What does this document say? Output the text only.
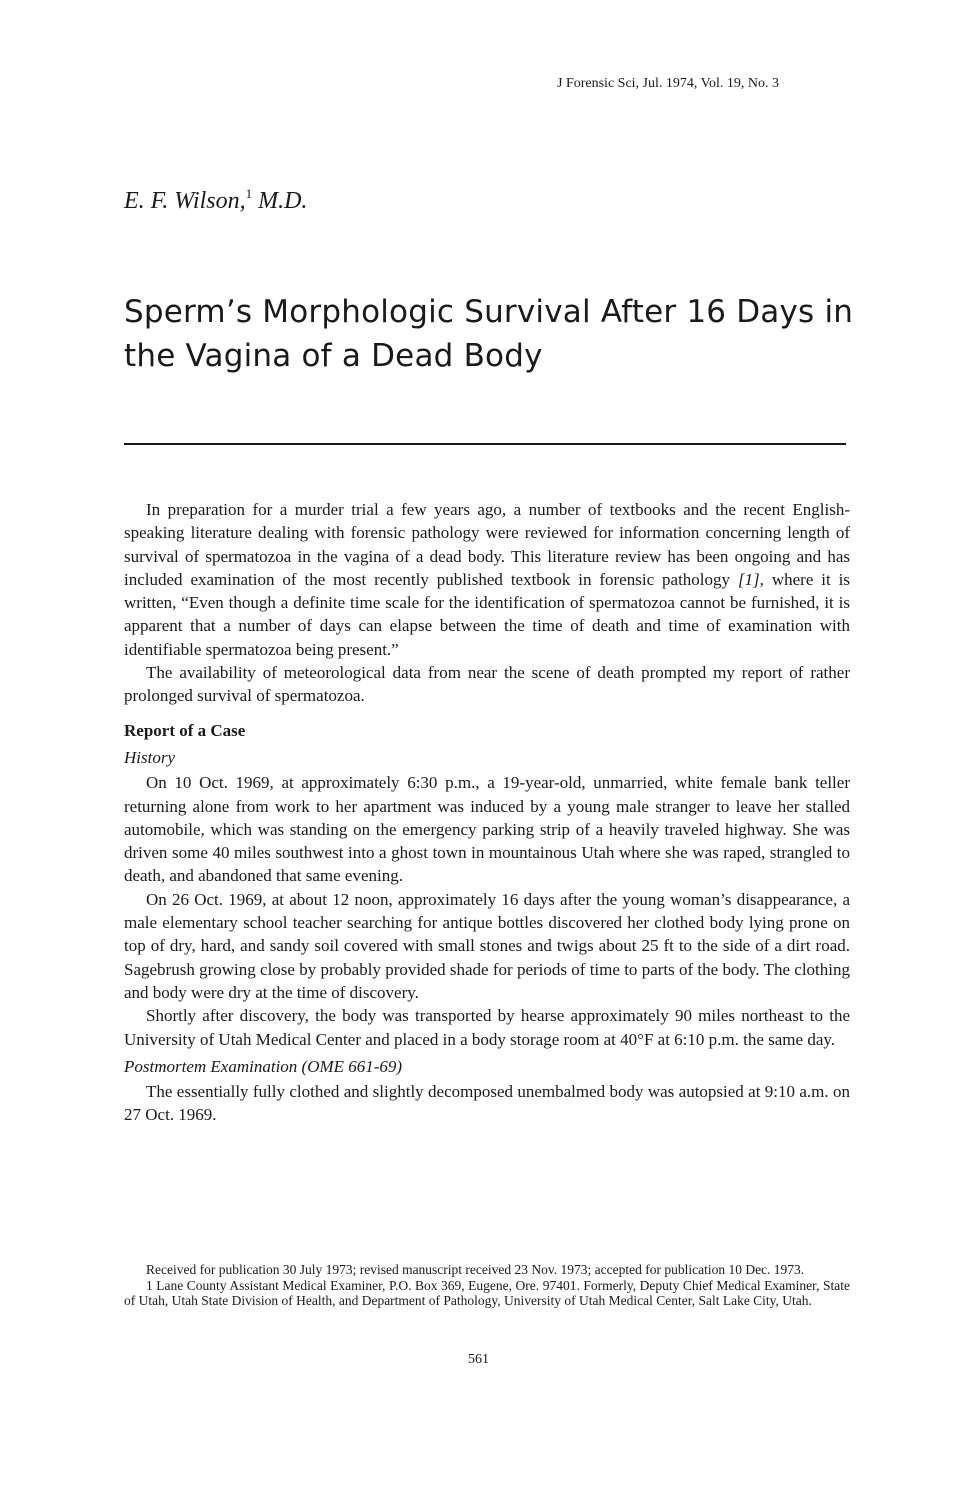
J Forensic Sci, Jul. 1974, Vol. 19, No. 3
E. F. Wilson,$^1$ M.D.
Sperm’s Morphologic Survival After 16 Days in the Vagina of a Dead Body

In preparation for a murder trial a few years ago, a number of textbooks and the recent English-speaking literature dealing with forensic pathology were reviewed for information concerning length of survival of spermatozoa in the vagina of a dead body. This literature review has been ongoing and has included examination of the most recently published textbook in forensic pathology [1], where it is written, “Even though a definite time scale for the identification of spermatozoa cannot be furnished, it is apparent that a number of days can elapse between the time of death and time of examination with identifiable spermatozoa being present.”

The availability of meteorological data from near the scene of death prompted my report of rather prolonged survival of spermatozoa.

Report of a Case

History

On 10 Oct. 1969, at approximately 6:30 p.m., a 19-year-old, unmarried, white female bank teller returning alone from work to her apartment was induced by a young male stranger to leave her stalled automobile, which was standing on the emergency parking strip of a heavily traveled highway. She was driven some 40 miles southwest into a ghost town in mountainous Utah where she was raped, strangled to death, and abandoned that same evening.

On 26 Oct. 1969, at about 12 noon, approximately 16 days after the young woman’s disappearance, a male elementary school teacher searching for antique bottles discovered her clothed body lying prone on top of dry, hard, and sandy soil covered with small stones and twigs about 25 ft to the side of a dirt road. Sagebrush growing close by probably provided shade for periods of time to parts of the body. The clothing and body were dry at the time of discovery.

Shortly after discovery, the body was transported by hearse approximately 90 miles northeast to the University of Utah Medical Center and placed in a body storage room at 40°F at 6:10 p.m. the same day.

Postmortem Examination (OME 661-69)

The essentially fully clothed and slightly decomposed unembalmed body was autopsied at 9:10 a.m. on 27 Oct. 1969.

Received for publication 30 July 1973; revised manuscript received 23 Nov. 1973; accepted for publication 10 Dec. 1973.

1 Lane County Assistant Medical Examiner, P.O. Box 369, Eugene, Ore. 97401. Formerly, Deputy Chief Medical Examiner, State of Utah, Utah State Division of Health, and Department of Pathology, University of Utah Medical Center, Salt Lake City, Utah.

561
